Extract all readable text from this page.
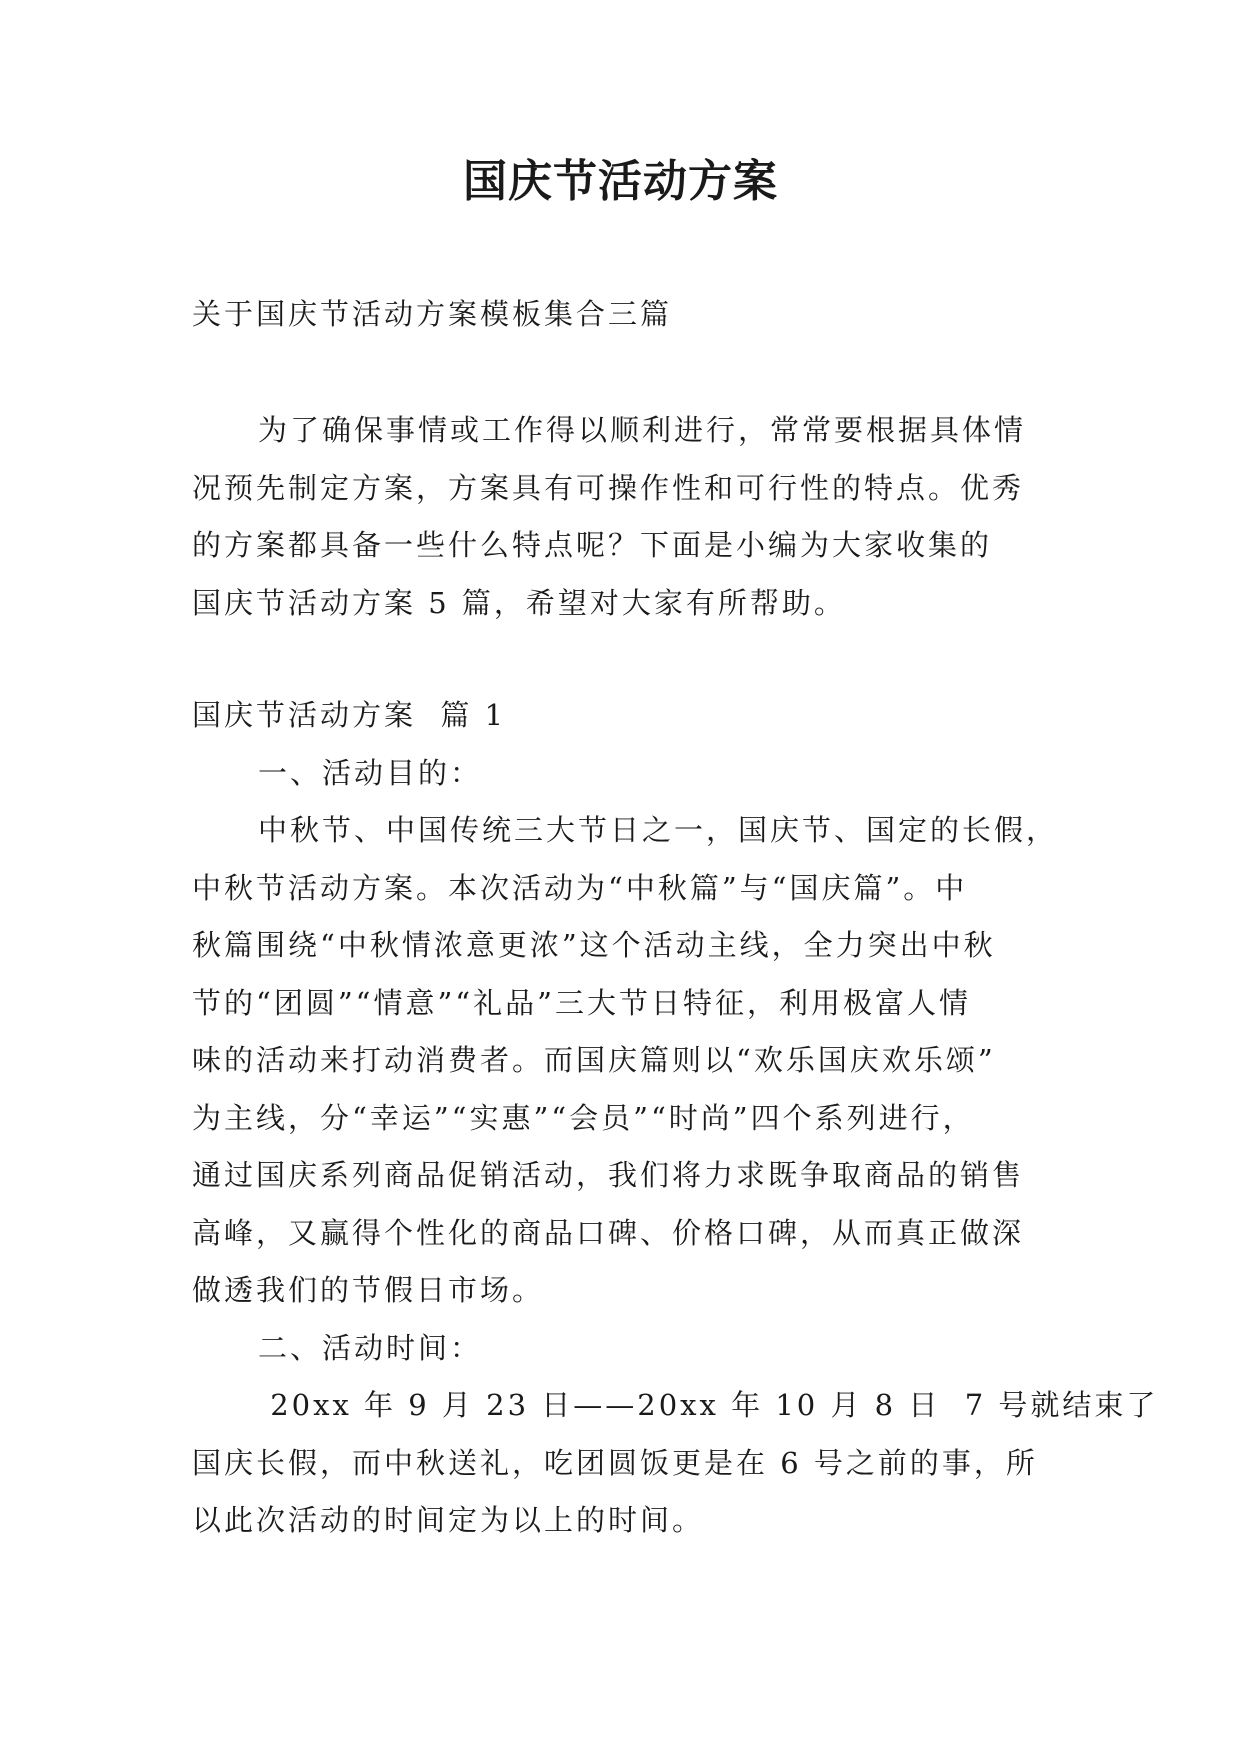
国庆节活动方案
关于国庆节活动方案模板集合三篇
为了确保事情或工作得以顺利进行，常常要根据具体情
况预先制定方案，方案具有可操作性和可行性的特点。优秀
的方案都具备一些什么特点呢？下面是小编为大家收集的
国庆节活动方案 5 篇，希望对大家有所帮助。
国庆节活动方案  篇 1
一、活动目的：
中秋节、中国传统三大节日之一，国庆节、国定的长假，
中秋节活动方案。本次活动为“中秋篇”与“国庆篇”。中
秋篇围绕“中秋情浓意更浓”这个活动主线，全力突出中秋
节的“团圆”“情意”“礼品”三大节日特征，利用极富人情
味的活动来打动消费者。而国庆篇则以“欢乐国庆欢乐颂”
为主线，分“幸运”“实惠”“会员”“时尚”四个系列进行，
通过国庆系列商品促销活动，我们将力求既争取商品的销售
高峰，又赢得个性化的商品口碑、价格口碑，从而真正做深
做透我们的节假日市场。
二、活动时间：
20xx 年 9 月 23 日——20xx 年 10 月 8 日  7 号就结束了
国庆长假，而中秋送礼，吃团圆饭更是在 6 号之前的事，所
以此次活动的时间定为以上的时间。
